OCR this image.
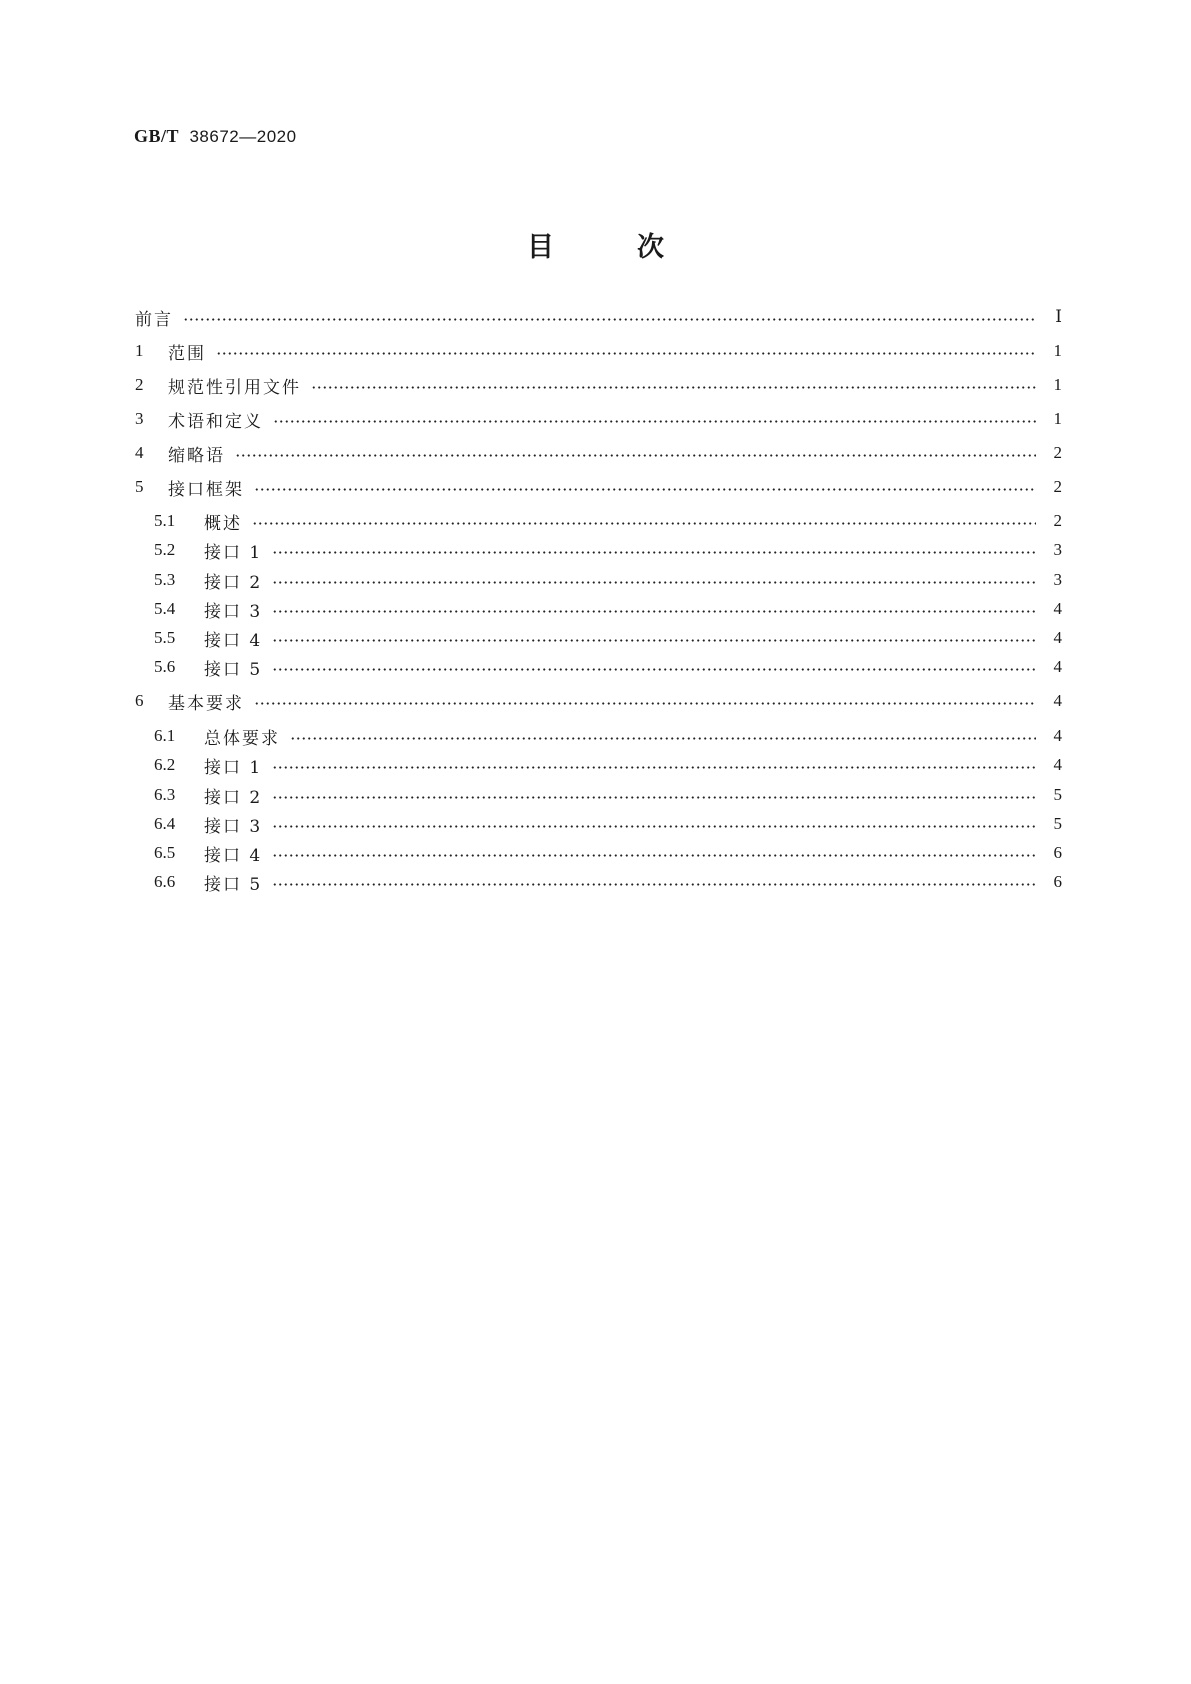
GB/T 38672—2020
目　次
前言	Ⅰ
1	范围	1
2	规范性引用文件	1
3	术语和定义	1
4	缩略语	2
5	接口框架	2
5.1	概述	2
5.2	接口 1	3
5.3	接口 2	3
5.4	接口 3	4
5.5	接口 4	4
5.6	接口 5	4
6	基本要求	4
6.1	总体要求	4
6.2	接口 1	4
6.3	接口 2	5
6.4	接口 3	5
6.5	接口 4	6
6.6	接口 5	6
